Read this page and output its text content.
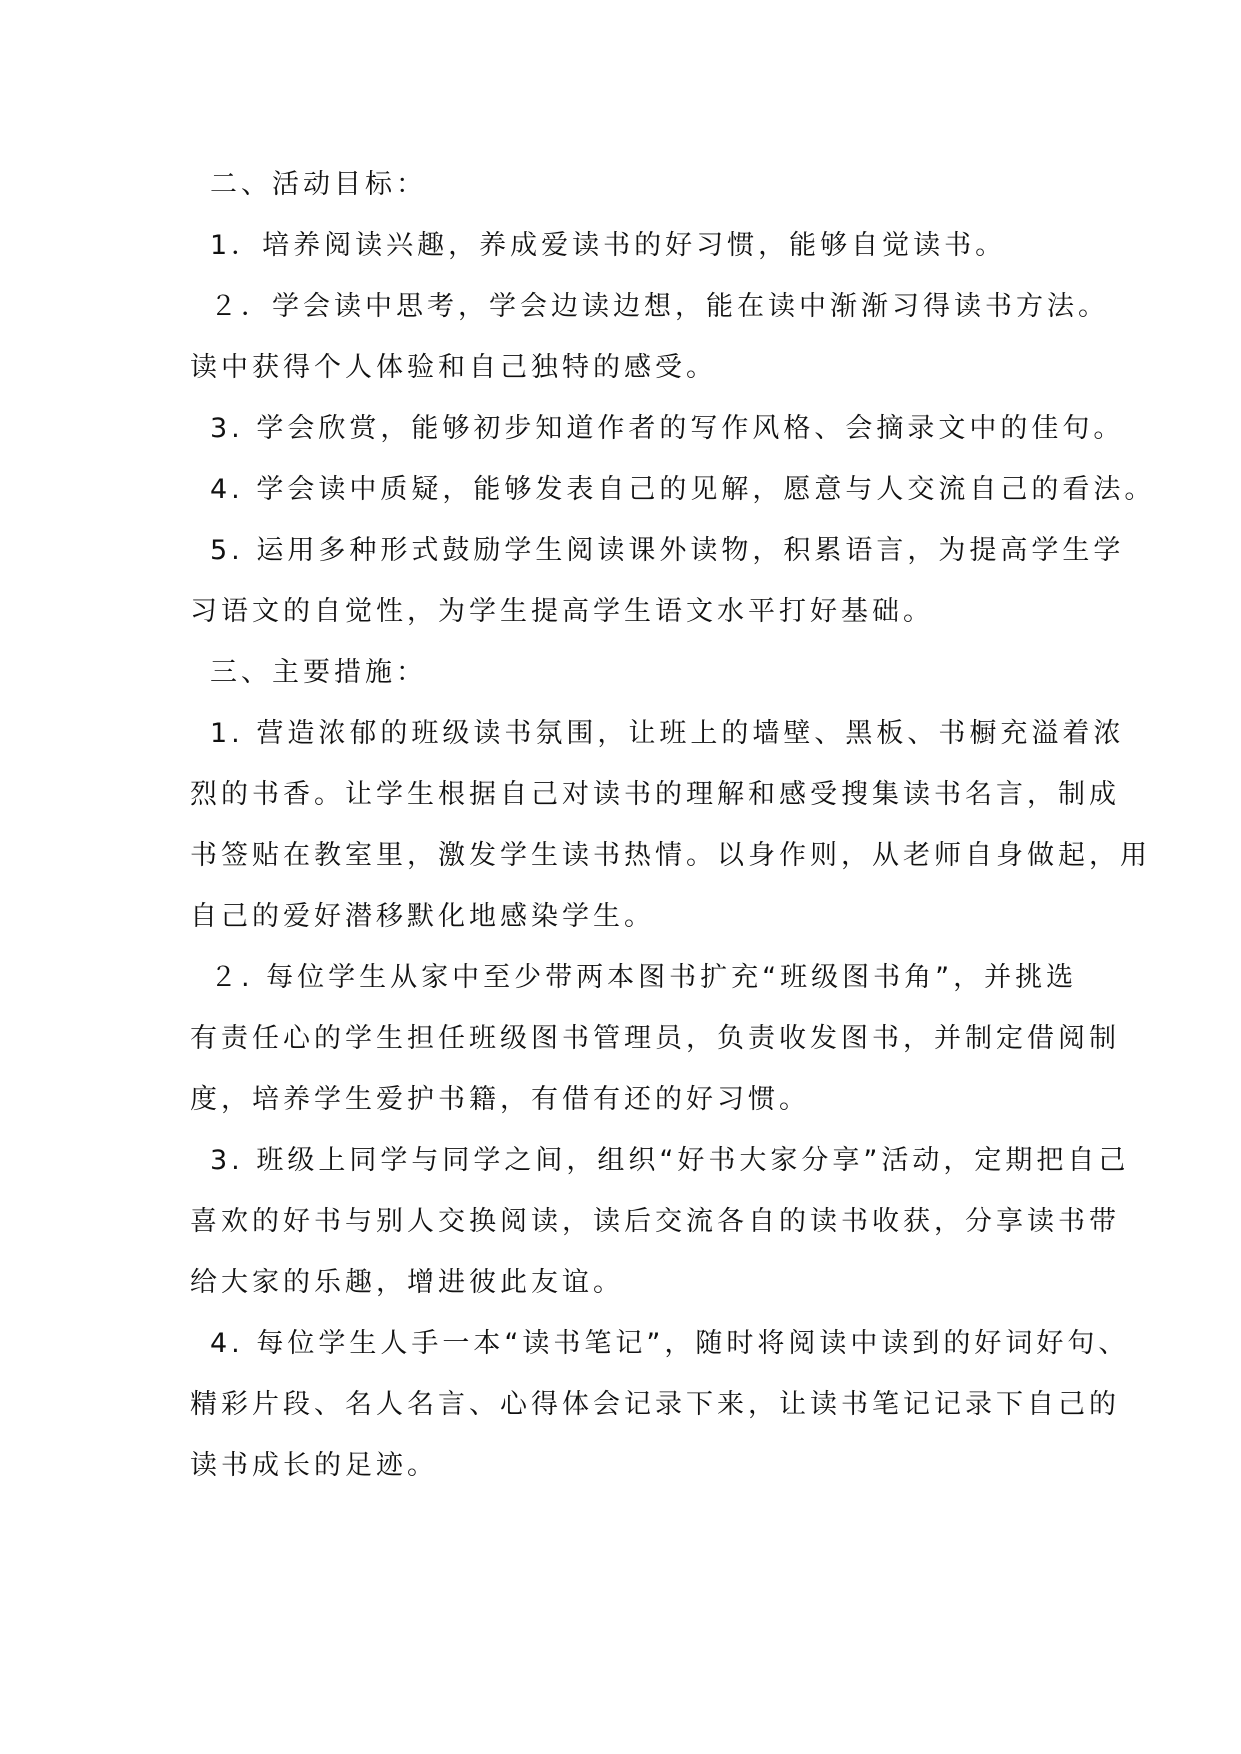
二、活动目标：
1．培养阅读兴趣，养成爱读书的好习惯，能够自觉读书。
２．学会读中思考，学会边读边想，能在读中渐渐习得读书方法。
读中获得个人体验和自己独特的感受。
3. 学会欣赏，能够初步知道作者的写作风格、会摘录文中的佳句。
4. 学会读中质疑，能够发表自己的见解，愿意与人交流自己的看法。
5. 运用多种形式鼓励学生阅读课外读物，积累语言，为提高学生学
习语文的自觉性，为学生提高学生语文水平打好基础。
三、主要措施：
1. 营造浓郁的班级读书氛围，让班上的墙壁、黑板、书橱充溢着浓
烈的书香。让学生根据自己对读书的理解和感受搜集读书名言，制成
书签贴在教室里，激发学生读书热情。以身作则，从老师自身做起，用
自己的爱好潜移默化地感染学生。
２. 每位学生从家中至少带两本图书扩充“班级图书角”，并挑选
有责任心的学生担任班级图书管理员，负责收发图书，并制定借阅制
度，培养学生爱护书籍，有借有还的好习惯。
3. 班级上同学与同学之间，组织“好书大家分享”活动，定期把自己
喜欢的好书与别人交换阅读，读后交流各自的读书收获，分享读书带
给大家的乐趣，增进彼此友谊。
4. 每位学生人手一本“读书笔记”，随时将阅读中读到的好词好句、
精彩片段、名人名言、心得体会记录下来，让读书笔记记录下自己的
读书成长的足迹。
